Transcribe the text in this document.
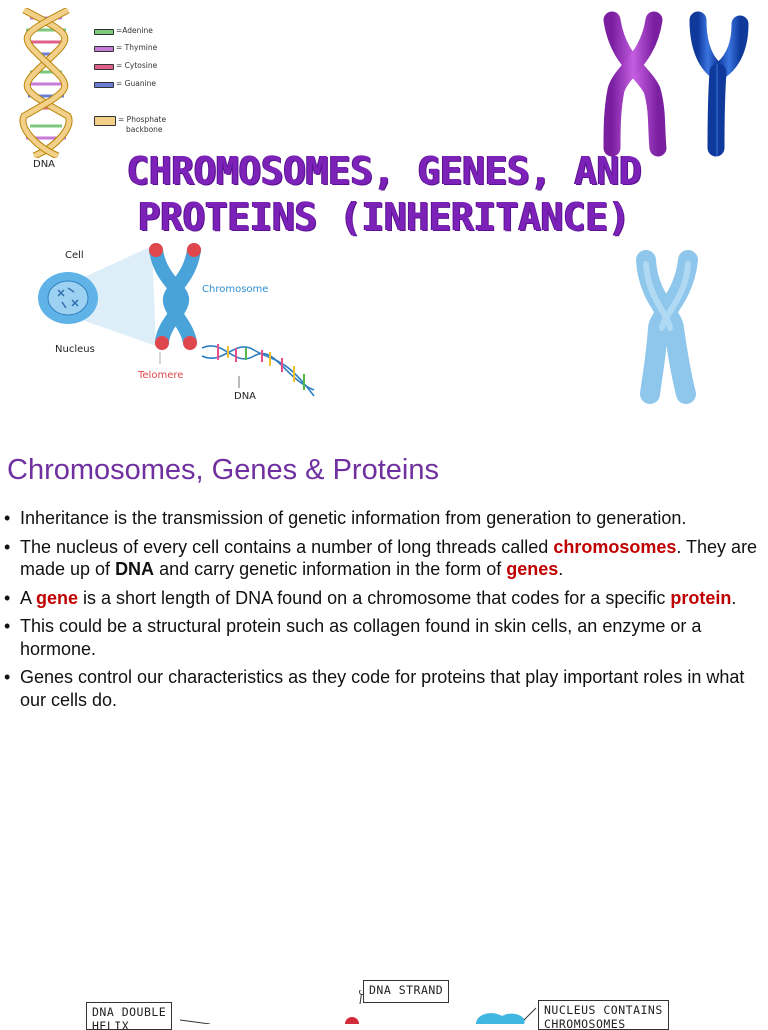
DNA
=Adenine
= Thymine
= Cytosine
= Guanine
= Phosphate
backbone
CHROMOSOMES, GENES, AND
PROTEINS (INHERITANCE)
Cell
Nucleus
Chromosome
Telomere
DNA
Chromosomes, Genes & Proteins
• Inheritance is the transmission of genetic information from generation to generation.
• The nucleus of every cell contains a number of long threads called chromosomes. They are made up of DNA and carry genetic information in the form of genes.
• A gene is a short length of DNA found on a chromosome that codes for a specific protein.
• This could be a structural protein such as collagen found in skin cells, an enzyme or a hormone.
• Genes control our characteristics as they code for proteins that play important roles in what our cells do.
DNA STRAND
DNA DOUBLE
HELIX
NUCLEUS CONTAINS
CHROMOSOMES
